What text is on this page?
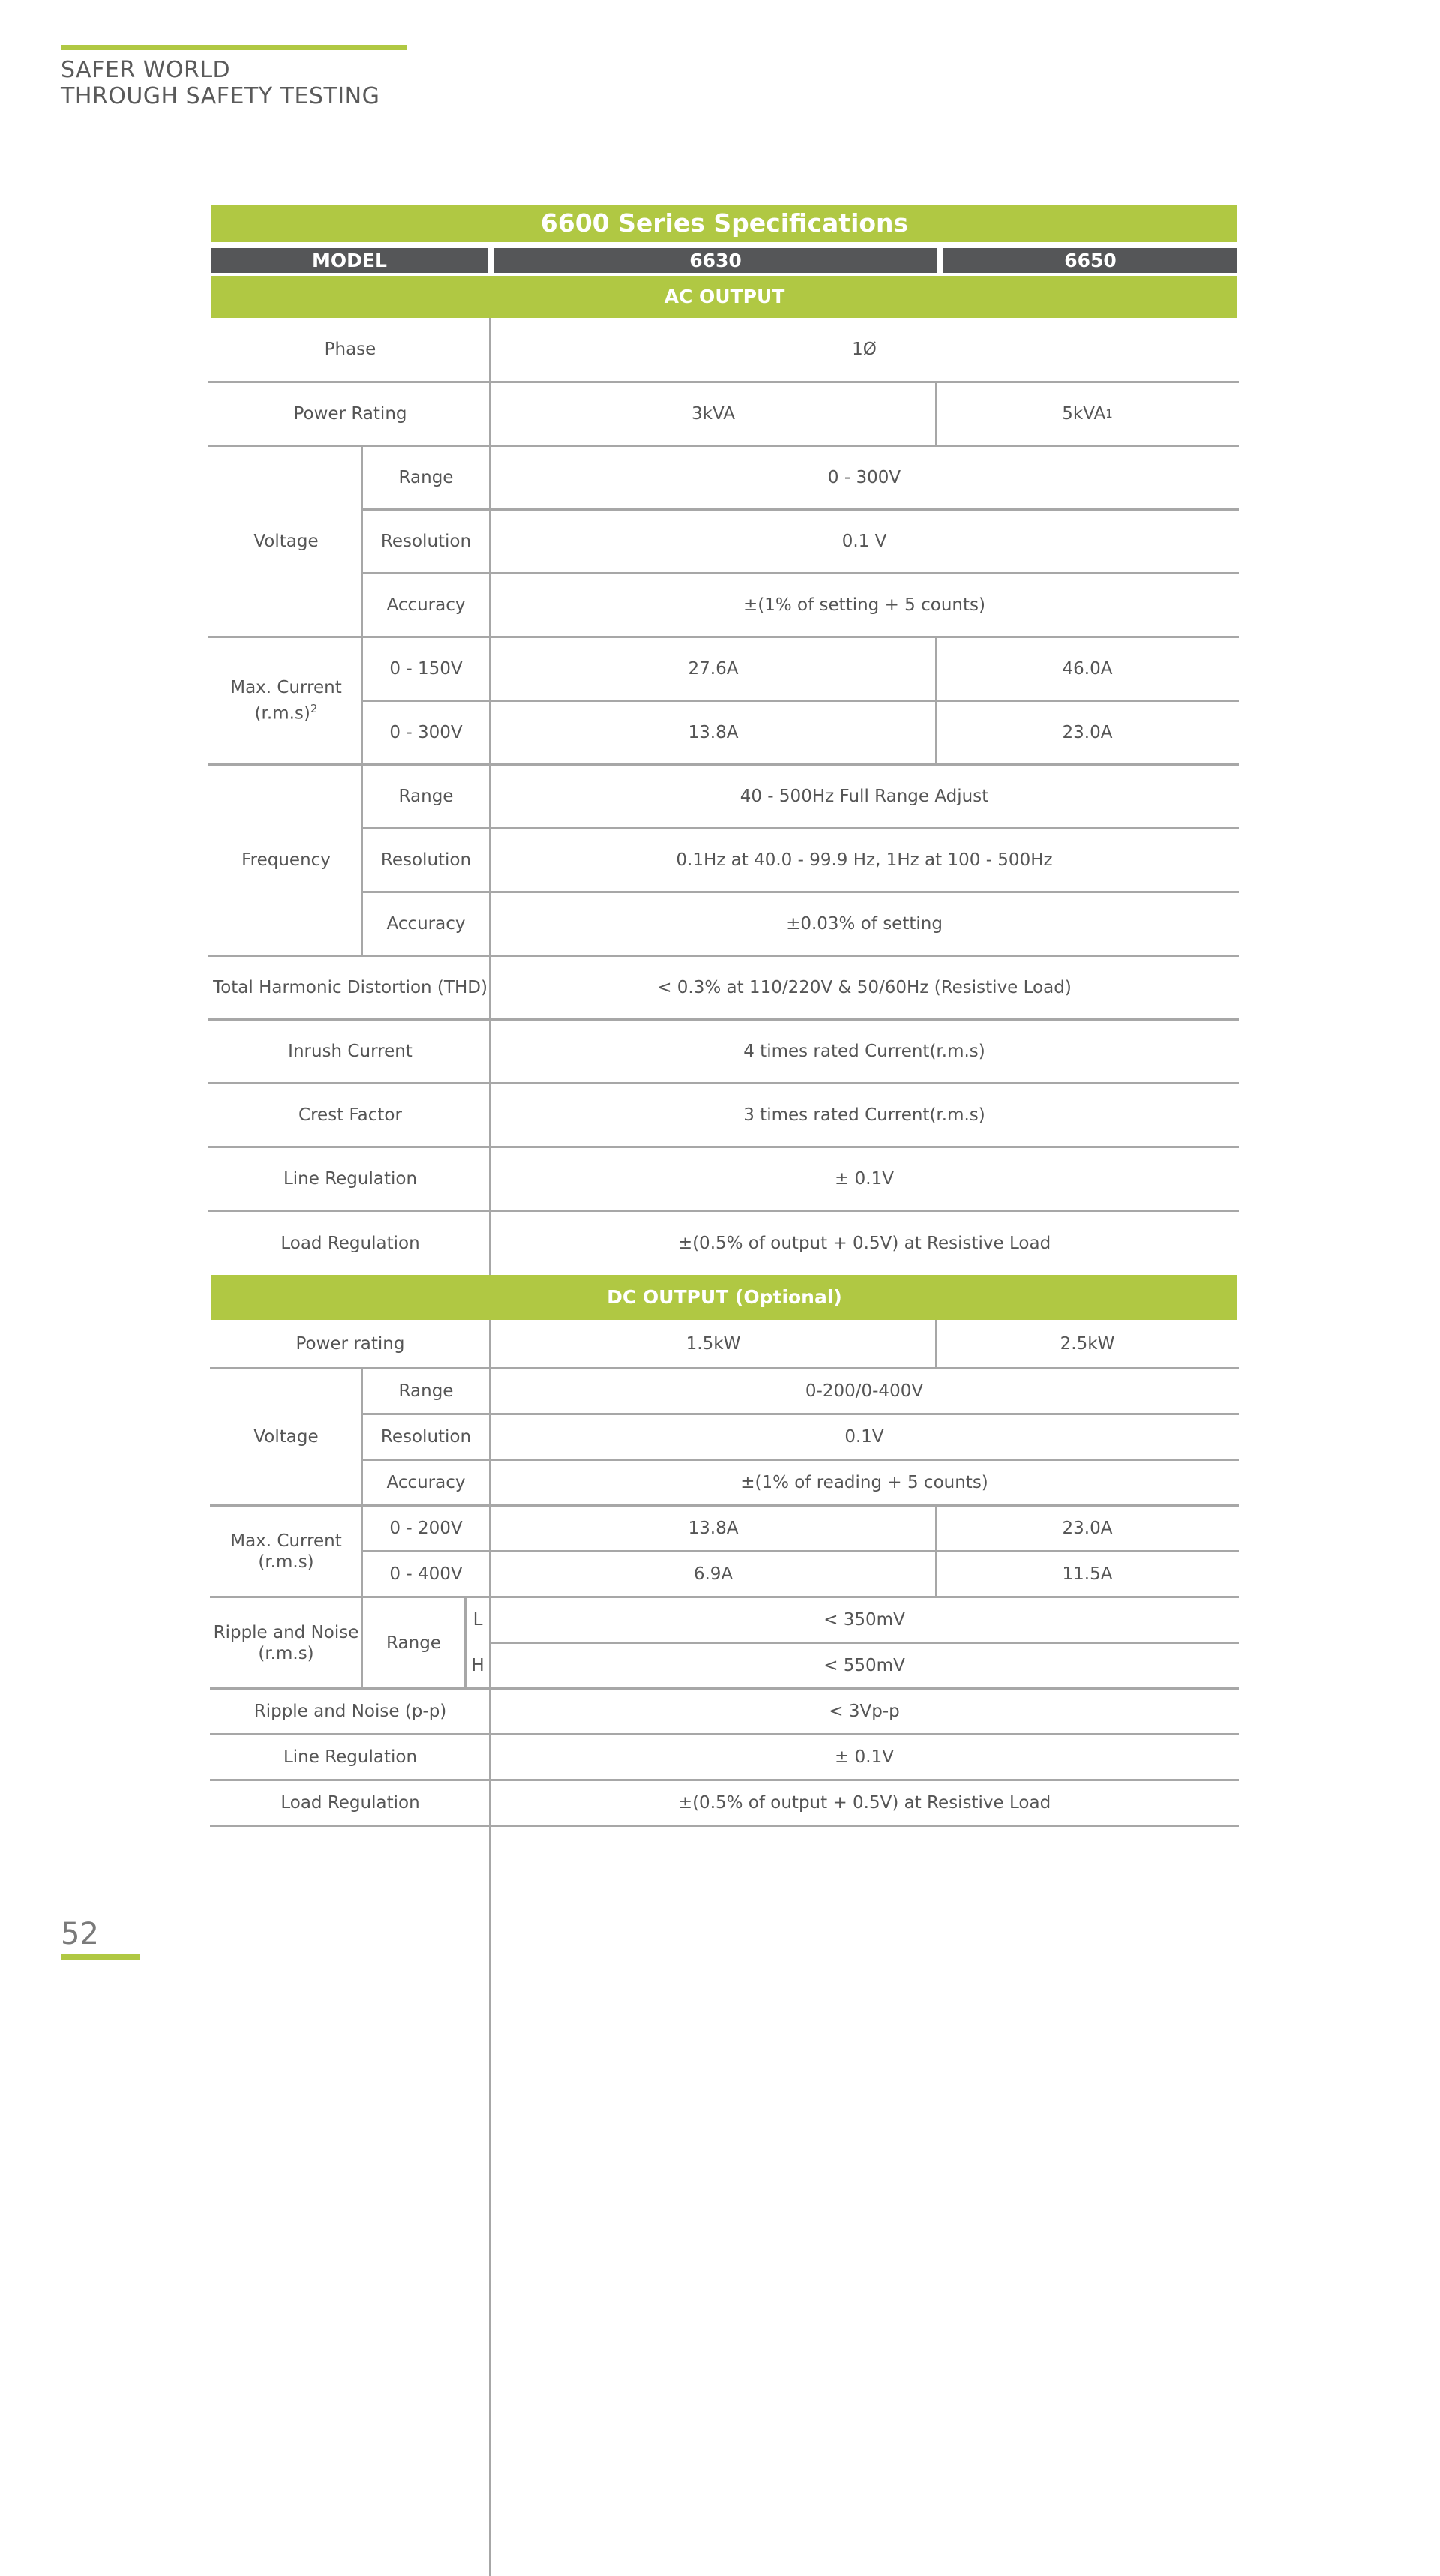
SAFER WORLD
THROUGH SAFETY TESTING
6600 Series Specifications
MODEL	6630	6650
AC OUTPUT
Phase	1Ø
Power Rating	3kVA	5kVA 1
Voltage
Range	0 - 300V
Resolution	0.1 V
Accuracy	±(1% of setting + 5 counts)
Max. Current
$(r.m.s)^2$
0 - 150V	27.6A	46.0A
0 - 300V	13.8A	23.0A
Frequency
Range	40 - 500Hz Full Range Adjust
Resolution	0.1Hz at 40.0 - 99.9 Hz, 1Hz at 100 - 500Hz
Accuracy	±0.03% of setting
Total Harmonic Distortion (THD)	< 0.3% at 110/220V & 50/60Hz (Resistive Load)
Inrush Current	4 times rated Current(r.m.s)
Crest Factor	3 times rated Current(r.m.s)
Line Regulation	± 0.1V
Load Regulation	±(0.5% of output + 0.5V) at Resistive Load
DC OUTPUT (Optional)
Power rating	1.5kW	2.5kW
Voltage
Range	0-200/0-400V
Resolution	0.1V
Accuracy	±(1% of reading + 5 counts)
Max. Current
(r.m.s)
0 - 200V	13.8A	23.0A
0 - 400V	6.9A	11.5A
Ripple and Noise
(r.m.s)
Range
L	< 350mV
H	< 550mV
Ripple and Noise (p-p)	< 3Vp-p
Line Regulation	± 0.1V
Load Regulation	±(0.5% of output + 0.5V) at Resistive Load
52
